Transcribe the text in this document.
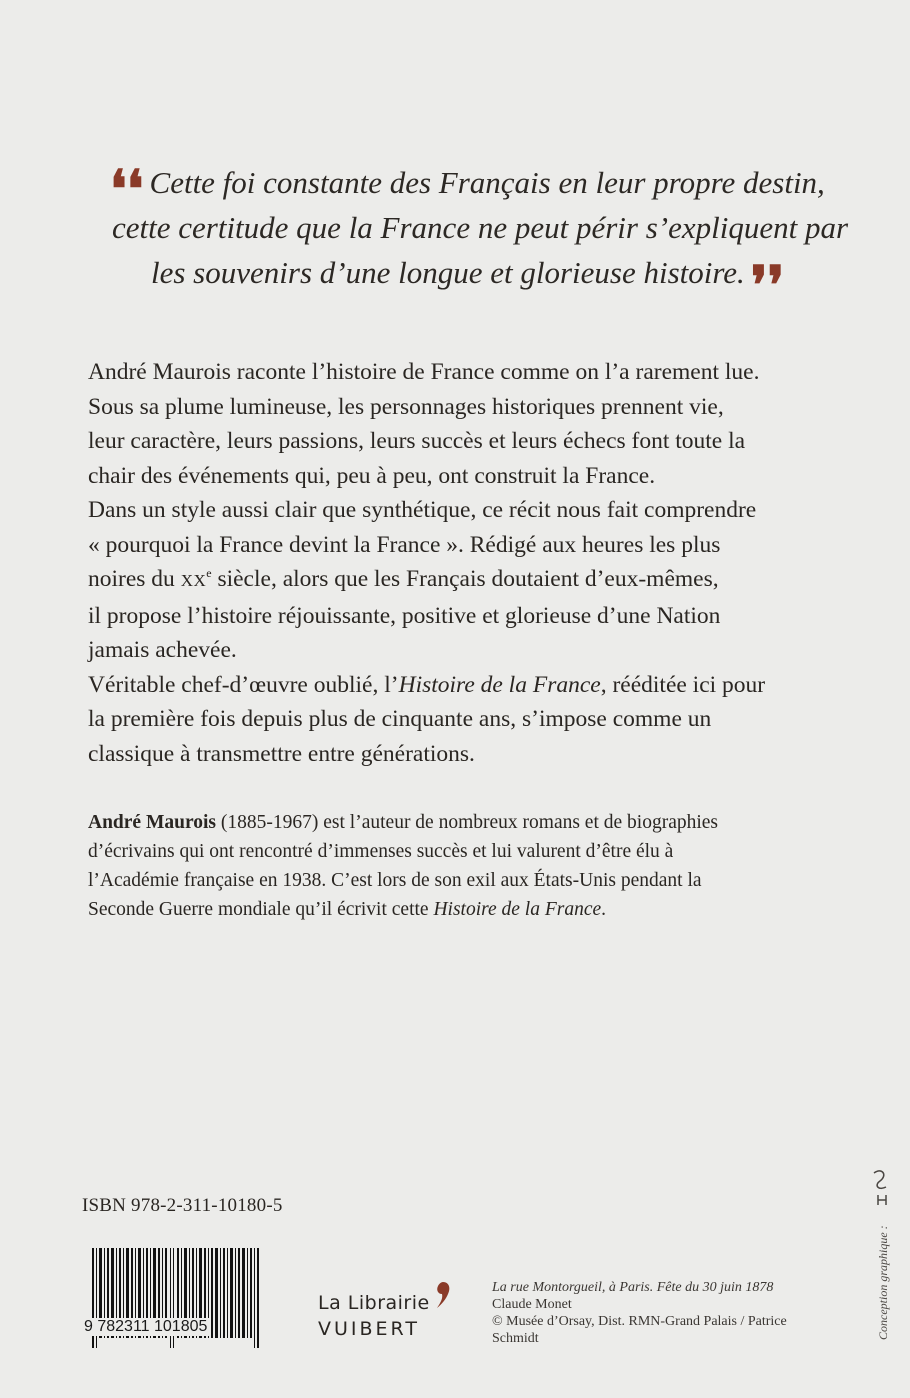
❛❛ Cette foi constante des Français en leur propre destin,
cette certitude que la France ne peut périr s’expliquent par
les souvenirs d’une longue et glorieuse histoire. ❜❜
André Maurois raconte l’histoire de France comme on l’a rarement lue.
Sous sa plume lumineuse, les personnages historiques prennent vie,
leur caractère, leurs passions, leurs succès et leurs échecs font toute la
chair des événements qui, peu à peu, ont construit la France.
Dans un style aussi clair que synthétique, ce récit nous fait comprendre
« pourquoi la France devint la France ». Rédigé aux heures les plus
noires du XXe siècle, alors que les Français doutaient d’eux-mêmes,
il propose l’histoire réjouissante, positive et glorieuse d’une Nation
jamais achevée.
Véritable chef-d’œuvre oublié, l’Histoire de la France, rééditée ici pour
la première fois depuis plus de cinquante ans, s’impose comme un
classique à transmettre entre générations.
André Maurois (1885-1967) est l’auteur de nombreux romans et de biographies
d’écrivains qui ont rencontré d’immenses succès et lui valurent d’être élu à
l’Académie française en 1938. C’est lors de son exil aux États-Unis pendant la
Seconde Guerre mondiale qu’il écrivit cette Histoire de la France.
Conception graphique :
ISBN 978-2-311-10180-5
9 782311 101805
La Librairie
VUIBERT
La rue Montorgueil, à Paris. Fête du 30 juin 1878
Claude Monet
© Musée d’Orsay, Dist. RMN-Grand Palais / Patrice
Schmidt
